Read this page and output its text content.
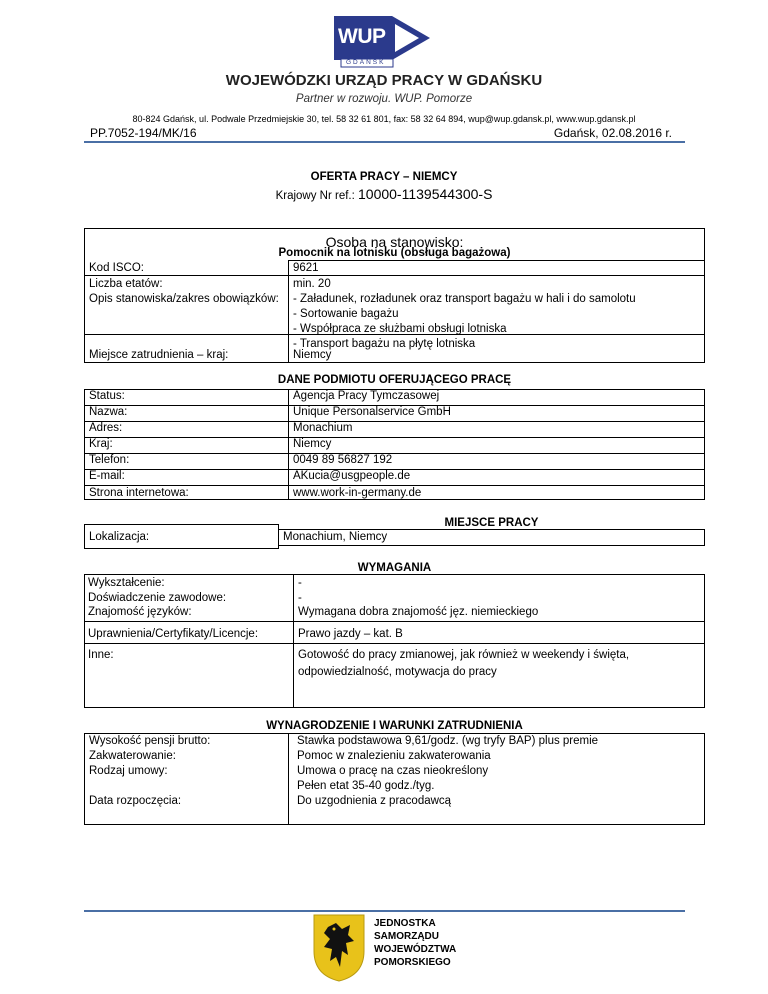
WUP
GDAŃSK
WOJEWÓDZKI URZĄD PRACY W GDAŃSKU
Partner w rozwoju. WUP. Pomorze
80-824 Gdańsk, ul. Podwale Przedmiejskie 30, tel. 58 32 61 801, fax: 58 32 64 894, wup@wup.gdansk.pl, www.wup.gdansk.pl
PP.7052-194/MK/16	Gdańsk, 02.08.2016 r.
OFERTA PRACY – NIEMCY
Krajowy Nr ref.: 10000-1139544300-S
Osoba na stanowisko:
Pomocnik na lotnisku (obsługa bagażowa)
Kod ISCO:	9621
Liczba etatów:	min. 20
Opis stanowiska/zakres obowiązków: - Załadunek, rozładunek oraz transport bagażu w hali i do samolotu
- Sortowanie bagażu
- Współpraca ze służbami obsługi lotniska
- Transport bagażu na płytę lotniska
Miejsce zatrudnienia – kraj:	Niemcy
DANE PODMIOTU OFERUJĄCEGO PRACĘ
Status:	Agencja Pracy Tymczasowej
Nazwa:	Unique Personalservice GmbH
Adres:	Monachium
Kraj:	Niemcy
Telefon:	0049 89 56827 192
E-mail:	AKucia@usgpeople.de
Strona internetowa:	www.work-in-germany.de
MIEJSCE PRACY
Lokalizacja:	Monachium, Niemcy
WYMAGANIA
Wykształcenie:	-
Doświadczenie zawodowe:	-
Znajomość języków:	Wymagana dobra znajomość jęz. niemieckiego
Uprawnienia/Certyfikaty/Licencje:	Prawo jazdy – kat. B
Inne:	Gotowość do pracy zmianowej, jak również w weekendy i święta,
odpowiedzialność, motywacja do pracy
WYNAGRODZENIE I WARUNKI ZATRUDNIENIA
Wysokość pensji brutto:	Stawka podstawowa 9,61/godz. (wg tryfy BAP) plus premie
Zakwaterowanie:	Pomoc w znalezieniu zakwaterowania
Rodzaj umowy:	Umowa o pracę na czas nieokreślony
Pełen etat 35-40 godz./tyg.
Data rozpoczęcia:	Do uzgodnienia z pracodawcą
JEDNOSTKA
SAMORZĄDU
WOJEWÓDZTWA
POMORSKIEGO
